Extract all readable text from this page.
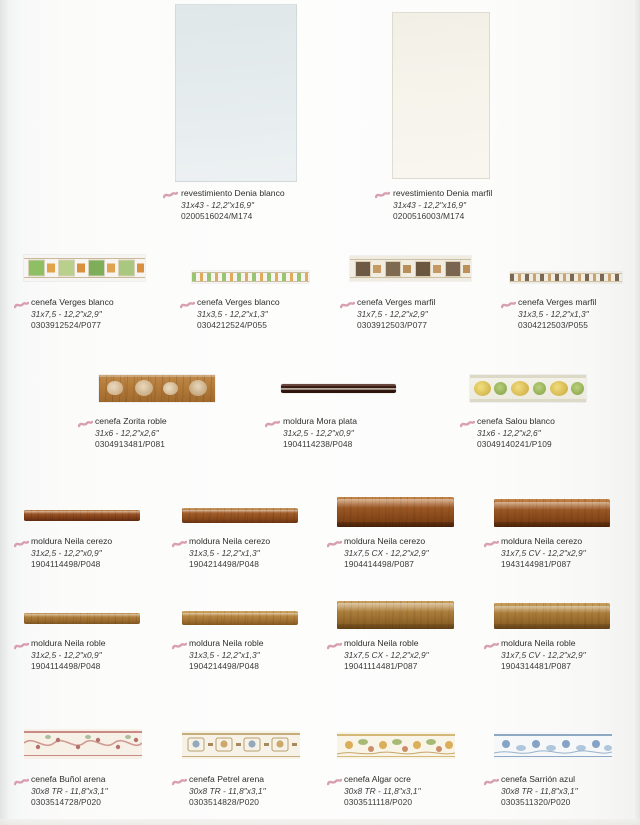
revestimiento Denia blanco
31x43 - 12,2"x16,9"
0200516024/M174
revestimiento Denia marfil
31x43 - 12,2"x16,9"
0200516003/M174
cenefa Verges blanco
31x7,5 - 12,2"x2,9"
0303912524/P077
cenefa Verges blanco
31x3,5 - 12,2"x1,3"
0304212524/P055
cenefa Verges marfil
31x7,5 - 12,2"x2,9"
0303912503/P077
cenefa Verges marfil
31x3,5 - 12,2"x1,3"
0304212503/P055
cenefa Zorita roble
31x6 - 12,2"x2,6"
0304913481/P081
moldura Mora plata
31x2,5 - 12,2"x0,9"
1904114238/P048
cenefa Salou blanco
31x6 - 12,2"x2,6"
03049140241/P109
moldura Neila cerezo
31x2,5 - 12,2"x0,9"
1904114498/P048
moldura Neila cerezo
31x3,5 - 12,2"x1,3"
1904214498/P048
moldura Neila cerezo
31x7,5 CX - 12,2"x2,9"
1904414498/P087
moldura Neila cerezo
31x7,5 CV - 12,2"x2,9"
1943144981/P087
moldura Neila roble
31x2,5 - 12,2"x0,9"
1904114498/P048
moldura Neila roble
31x3,5 - 12,2"x1,3"
1904214498/P048
moldura Neila roble
31x7,5 CX - 12,2"x2,9"
19041114481/P087
moldura Neila roble
31x7,5 CV - 12,2"x2,9"
1904314481/P087
cenefa Buñol arena
30x8 TR - 11,8"x3,1"
0303514728/P020
cenefa Petrel arena
30x8 TR - 11,8"x3,1"
0303514828/P020
cenefa Algar ocre
30x8 TR - 11,8"x3,1"
0303511118/P020
cenefa Sarrión azul
30x8 TR - 11,8"x3,1"
0303511320/P020
